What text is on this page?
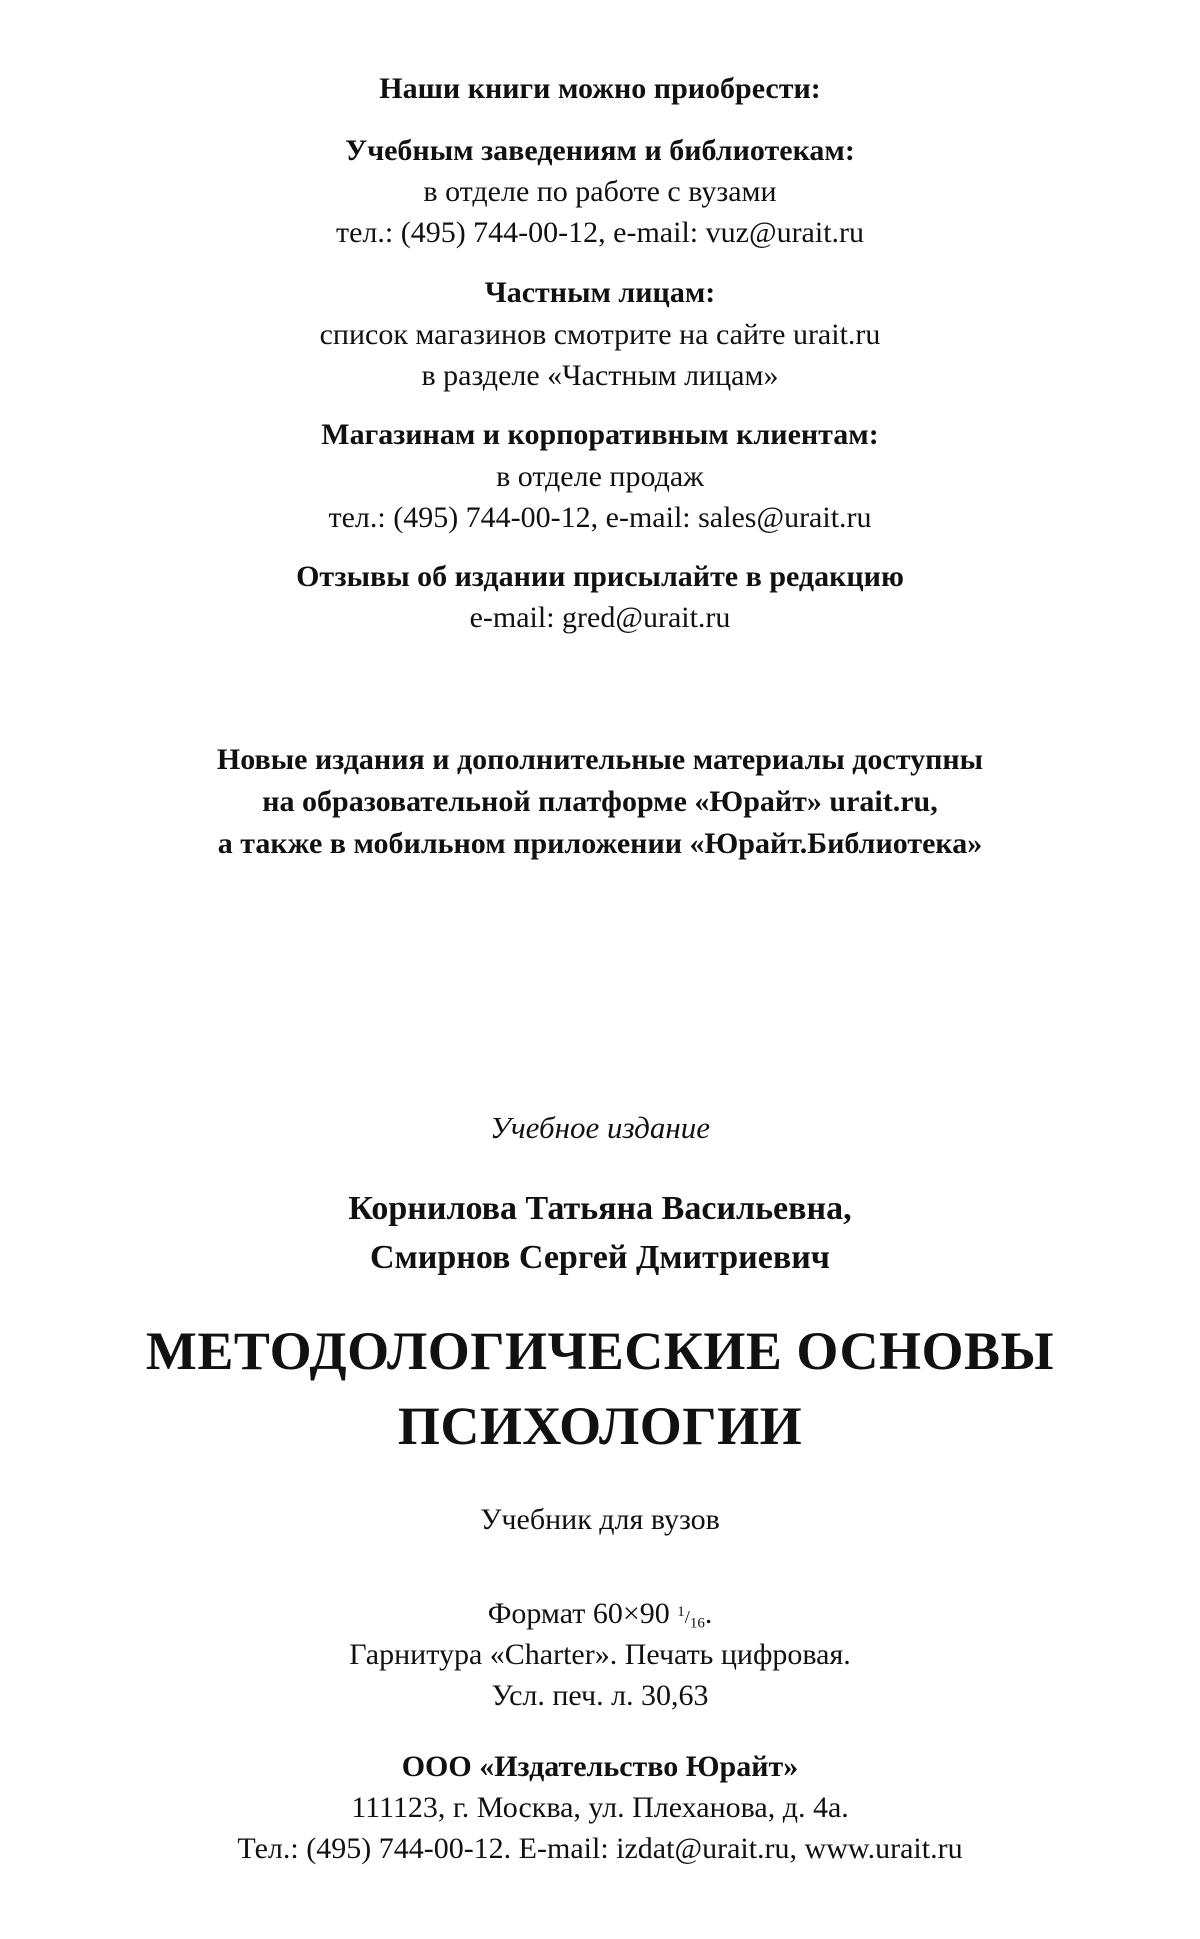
Наши книги можно приобрести:
Учебным заведениям и библиотекам:
в отделе по работе с вузами
тел.: (495) 744-00-12, e-mail: vuz@urait.ru
Частным лицам:
список магазинов смотрите на сайте urait.ru
в разделе «Частным лицам»
Магазинам и корпоративным клиентам:
в отделе продаж
тел.: (495) 744-00-12, e-mail: sales@urait.ru
Отзывы об издании присылайте в редакцию
e-mail: gred@urait.ru
Новые издания и дополнительные материалы доступны
на образовательной платформе «Юрайт» urait.ru,
а также в мобильном приложении «Юрайт.Библиотека»
Учебное издание
Корнилова Татьяна Васильевна,
Смирнов Сергей Дмитриевич
МЕТОДОЛОГИЧЕСКИЕ ОСНОВЫ
ПСИХОЛОГИИ
Учебник для вузов
Формат 60×90 $^1/_{16}$.
Гарнитура «Charter». Печать цифровая.
Усл. печ. л. 30,63
ООО «Издательство Юрайт»
111123, г. Москва, ул. Плеханова, д. 4а.
Тел.: (495) 744-00-12. E-mail: izdat@urait.ru, www.urait.ru
